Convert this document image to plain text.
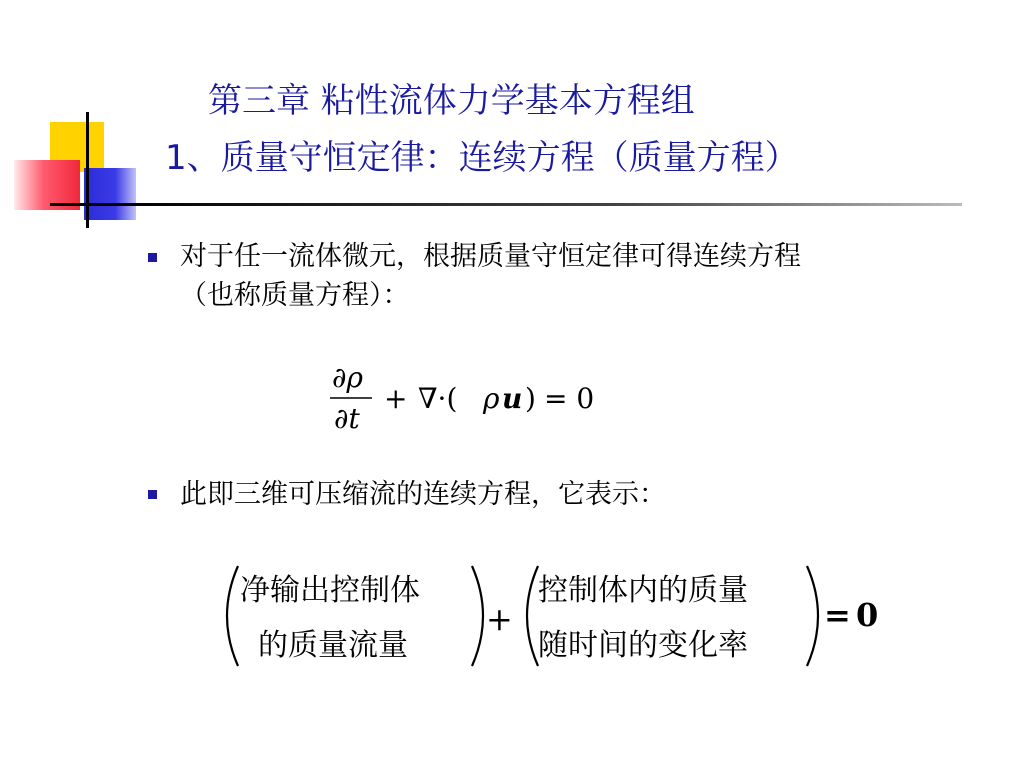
第三章 粘性流体力学基本方程组
1、质量守恒定律：连续方程（质量方程）
对于任一流体微元，根据质量守恒定律可得连续方程
（也称质量方程）：
∂ρ
∂t
+ ∇·( ρ u ) = 0
此即三维可压缩流的连续方程，它表示：
净输出控制体
的质量流量
+
控制体内的质量
随时间的变化率
= 0
